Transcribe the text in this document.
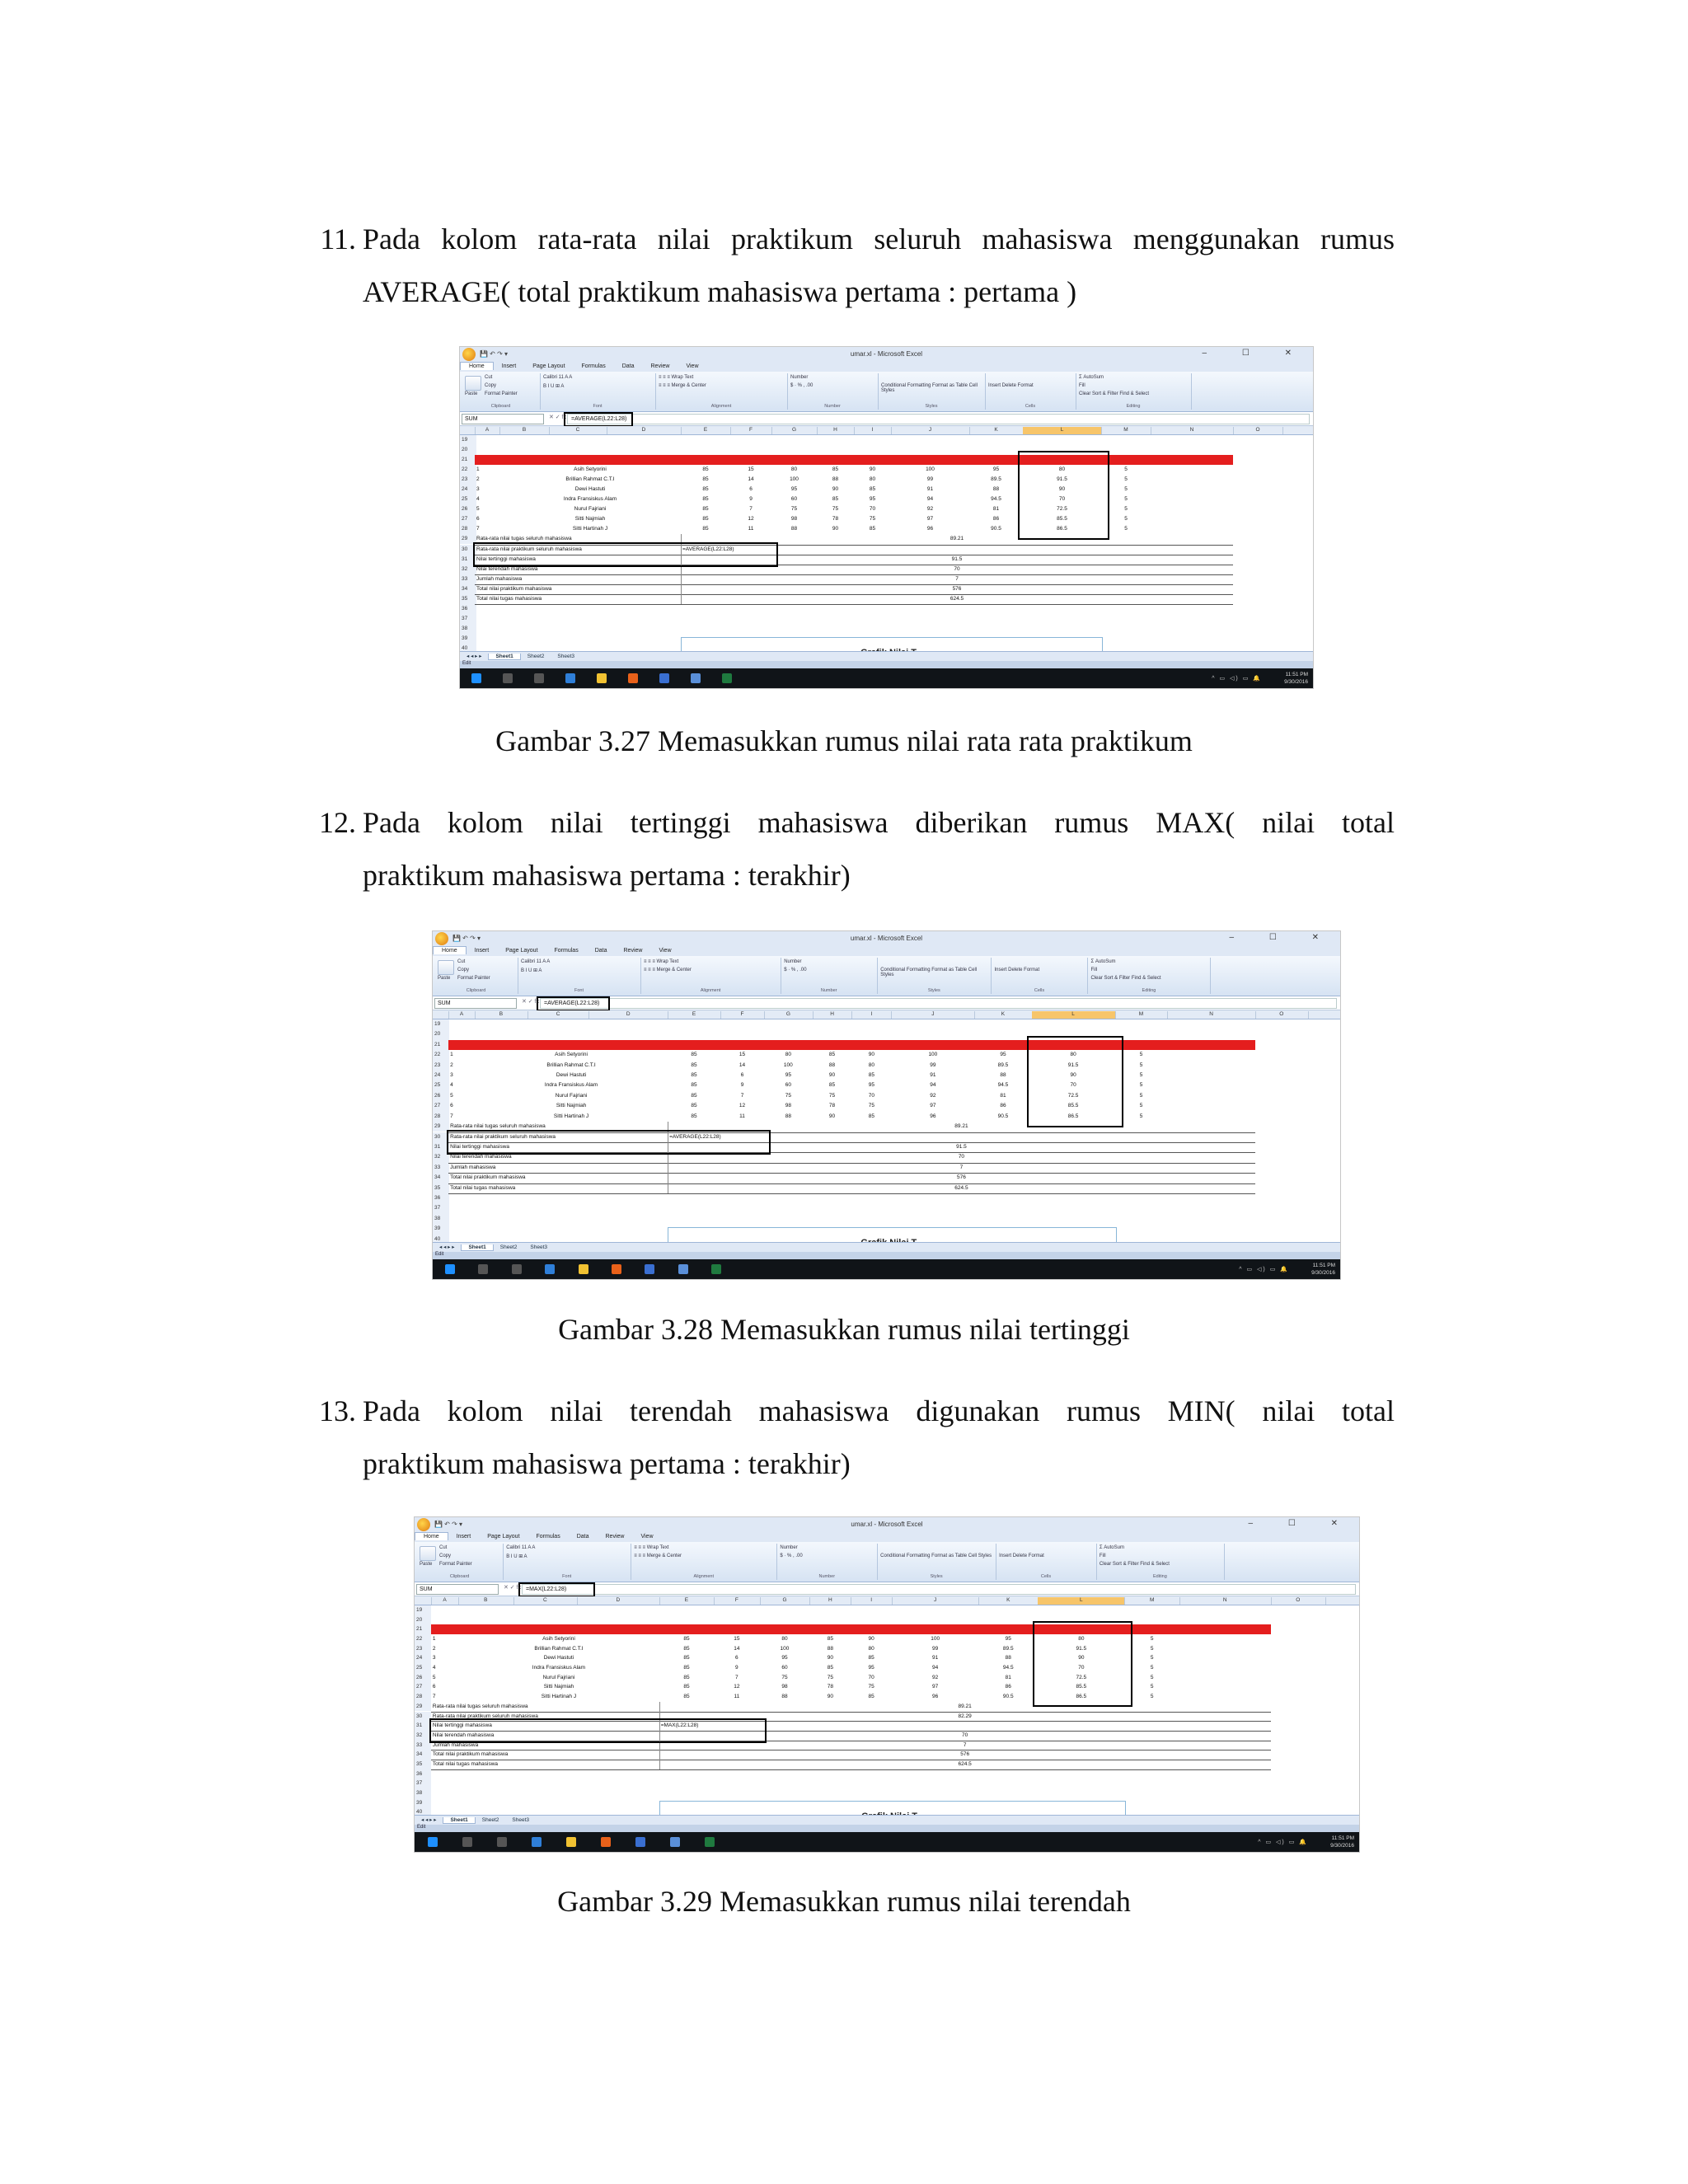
11. Pada kolom rata-rata nilai praktikum seluruh mahasiswa menggunakan rumus
AVERAGE( total praktikum mahasiswa pertama : pertama )
💾 ↶ ↷ ▾	umar.xl - Microsoft Excel	– ☐ ✕
Home	Insert	Page Layout	Formulas	Data	Review	View
Cut
Copy
Format Painter
Paste
Clipboard
Calibri 11 A A
B I U ⊞ A
Font
≡ ≡ ≡ Wrap Text
≡ ≡ ≡ Merge & Center
Alignment
Number
$ · % , .00
Number
Conditional Formatting Format as Table Cell Styles
Styles
Insert Delete Format
Cells
Σ AutoSum
Fill
Clear Sort & Filter Find & Select
Editing
SUM	✕ ✓ fx =AVERAGE(L22:L28)
A	B	C	D	E	F	G	H	I	J	K	L	M	N	O
19
20
21
22
23
24
25
26
27
28
29
30
31
32
33
34
35
36
37
38
39
40
1	Asih Setyorini	85	15	80	85	90	100	95	80	5
2	Brillian Rahmat C.T.I	85	14	100	88	80	99	89.5	91.5	5
3	Dewi Hastuti	85	6	95	90	85	91	88	90	5
4	Indra Fransiskus Alam	85	9	60	85	95	94	94.5	70	5
5	Nurul Fajriani	85	7	75	75	70	92	81	72.5	5
6	Sitti Najmiah	85	12	98	78	75	97	86	85.5	5
7	Sitti Hartinah J	85	11	88	90	85	96	90.5	86.5	5
Rata-rata nilai tugas seluruh mahasiswa	89.21
Rata-rata nilai praktikum seluruh mahasiswa	=AVERAGE(L22:L28)
Nilai tertinggi mahasiswa	91.5
Nilai terendah mahasiswa	70
Jumlah mahasiswa	7
Total nilai praktikum mahasiswa	576
Total nilai tugas mahasiswa	624.5
◂ ◂ ▸ ▸	Sheet1	Sheet2 Sheet3
Edit
^ ▭ ◁) ▭ 🔔
11:51 PM
9/30/2016
Gambar 3.27 Memasukkan rumus nilai rata rata praktikum
12. Pada kolom nilai tertinggi mahasiswa diberikan rumus MAX( nilai total
praktikum mahasiswa pertama : terakhir)
💾 ↶ ↷ ▾	umar.xl - Microsoft Excel	– ☐ ✕
Home	Insert	Page Layout	Formulas	Data	Review	View
Cut
Copy
Format Painter
Paste
Clipboard
Calibri 11 A A
B I U ⊞ A
Font
≡ ≡ ≡ Wrap Text
≡ ≡ ≡ Merge & Center
Alignment
Number
$ · % , .00
Number
Conditional Formatting Format as Table Cell Styles
Styles
Insert Delete Format
Cells
Σ AutoSum
Fill
Clear Sort & Filter Find & Select
Editing
SUM	✕ ✓ fx =AVERAGE(L22:L28)
A	B	C	D	E	F	G	H	I	J	K	L	M	N	O
19
20
21
22
23
24
25
26
27
28
29
30
31
32
33
34
35
36
37
38
39
40
1	Asih Setyorini	85	15	80	85	90	100	95	80	5
2	Brillian Rahmat C.T.I	85	14	100	88	80	99	89.5	91.5	5
3	Dewi Hastuti	85	6	95	90	85	91	88	90	5
4	Indra Fransiskus Alam	85	9	60	85	95	94	94.5	70	5
5	Nurul Fajriani	85	7	75	75	70	92	81	72.5	5
6	Sitti Najmiah	85	12	98	78	75	97	86	85.5	5
7	Sitti Hartinah J	85	11	88	90	85	96	90.5	86.5	5
Rata-rata nilai tugas seluruh mahasiswa	89.21
Rata-rata nilai praktikum seluruh mahasiswa	=AVERAGE(L22:L28)
Nilai tertinggi mahasiswa	91.5
Nilai terendah mahasiswa	70
Jumlah mahasiswa	7
Total nilai praktikum mahasiswa	576
Total nilai tugas mahasiswa	624.5
◂ ◂ ▸ ▸	Sheet1	Sheet2 Sheet3
Edit
^ ▭ ◁) ▭ 🔔
11:51 PM
9/30/2016
Gambar 3.28 Memasukkan rumus nilai tertinggi
13. Pada kolom nilai terendah mahasiswa digunakan rumus MIN( nilai total
praktikum mahasiswa pertama : terakhir)
💾 ↶ ↷ ▾	umar.xl - Microsoft Excel	– ☐ ✕
Home	Insert	Page Layout	Formulas	Data	Review	View
Cut
Copy
Format Painter
Paste
Clipboard
Calibri 11 A A
B I U ⊞ A
Font
≡ ≡ ≡ Wrap Text
≡ ≡ ≡ Merge & Center
Alignment
Number
$ · % , .00
Number
Conditional Formatting Format as Table Cell Styles
Styles
Insert Delete Format
Cells
Σ AutoSum
Fill
Clear Sort & Filter Find & Select
Editing
SUM	✕ ✓ fx =MAX(L22:L28)
A	B	C	D	E	F	G	H	I	J	K	L	M	N	O
19
20
21
22
23
24
25
26
27
28
29
30
31
32
33
34
35
36
37
38
39
40
1	Asih Setyorini	85	15	80	85	90	100	95	80	5
2	Brillian Rahmat C.T.I	85	14	100	88	80	99	89.5	91.5	5
3	Dewi Hastuti	85	6	95	90	85	91	88	90	5
4	Indra Fransiskus Alam	85	9	60	85	95	94	94.5	70	5
5	Nurul Fajriani	85	7	75	75	70	92	81	72.5	5
6	Sitti Najmiah	85	12	98	78	75	97	86	85.5	5
7	Sitti Hartinah J	85	11	88	90	85	96	90.5	86.5	5
Rata-rata nilai tugas seluruh mahasiswa	89.21
Rata-rata nilai praktikum seluruh mahasiswa	82.29
Nilai tertinggi mahasiswa	=MAX(L22:L28)
Nilai terendah mahasiswa	70
Jumlah mahasiswa	7
Total nilai praktikum mahasiswa	576
Total nilai tugas mahasiswa	624.5
◂ ◂ ▸ ▸	Sheet1	Sheet2 Sheet3
Edit
^ ▭ ◁) ▭ 🔔
11:51 PM
9/30/2016
Gambar 3.29 Memasukkan rumus nilai terendah
